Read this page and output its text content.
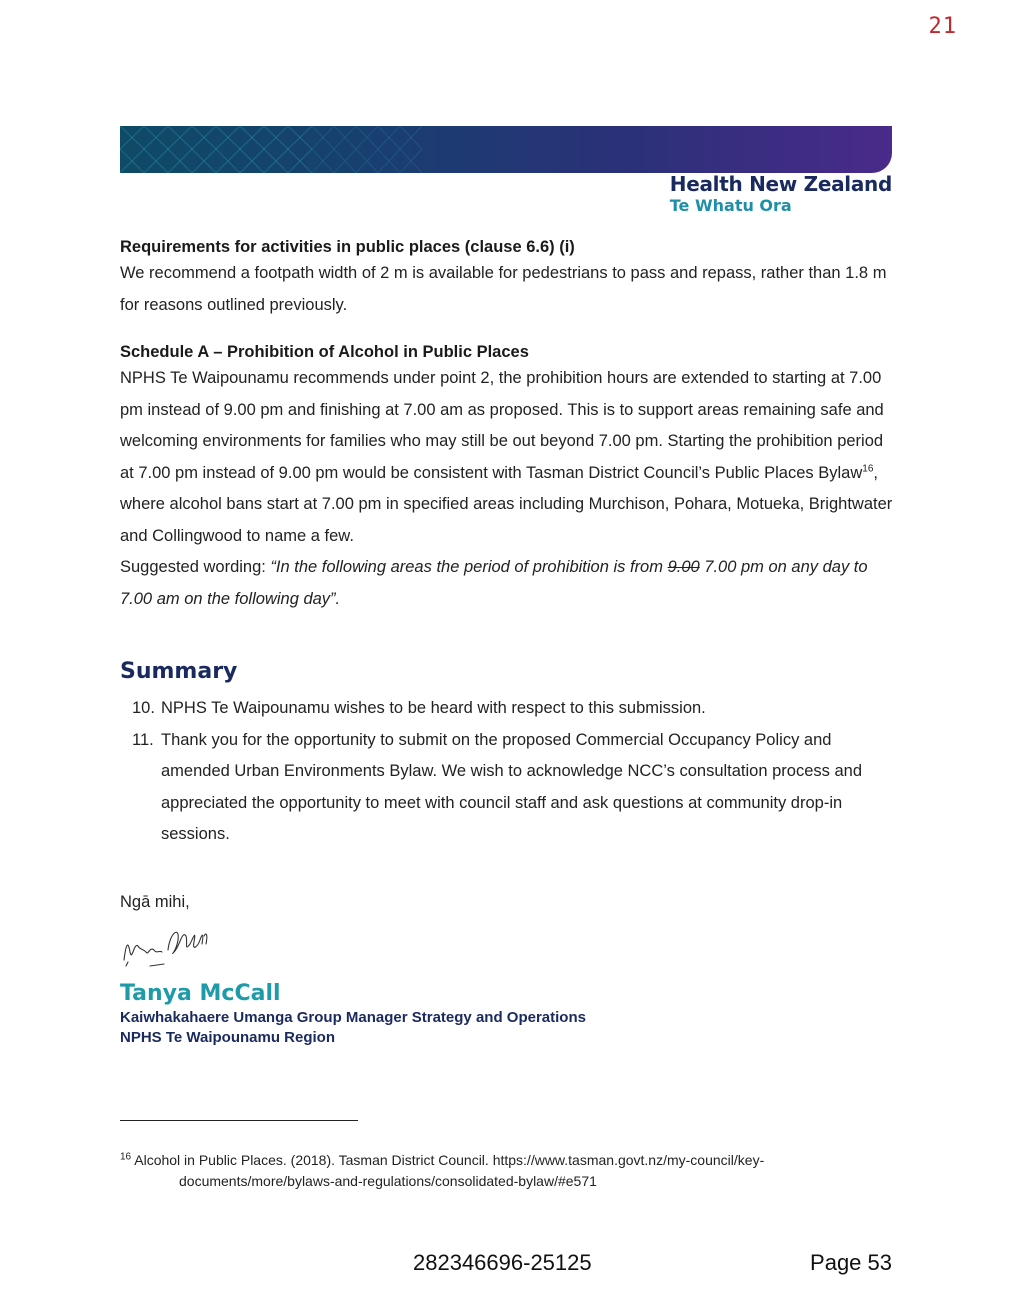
21
Health New Zealand
Te Whatu Ora

Requirements for activities in public places (clause 6.6) (i)

We recommend a footpath width of 2 m is available for pedestrians to pass and repass, rather than 1.8 m for reasons outlined previously.

Schedule A – Prohibition of Alcohol in Public Places

NPHS Te Waipounamu recommends under point 2, the prohibition hours are extended to starting at 7.00 pm instead of 9.00 pm and finishing at 7.00 am as proposed. This is to support areas remaining safe and welcoming environments for families who may still be out beyond 7.00 pm. Starting the prohibition period at 7.00 pm instead of 9.00 pm would be consistent with Tasman District Council’s Public Places Bylaw$^{16}$, where alcohol bans start at 7.00 pm in specified areas including Murchison, Pohara, Motueka, Brightwater and Collingwood to name a few.

Suggested wording: “In the following areas the period of prohibition is from 9.00 7.00 pm on any day to 7.00 am on the following day”.

Summary
10. NPHS Te Waipounamu wishes to be heard with respect to this submission.
11. Thank you for the opportunity to submit on the proposed Commercial Occupancy Policy and amended Urban Environments Bylaw. We wish to acknowledge NCC’s consultation process and appreciated the opportunity to meet with council staff and ask questions at community drop-in sessions.

Ngā mihi,

Tanya McCall
Kaiwhakahaere Umanga Group Manager Strategy and Operations
NPHS Te Waipounamu Region
$^{16}$ Alcohol in Public Places. (2018). Tasman District Council. https://www.tasman.govt.nz/my-council/key-
documents/more/bylaws-and-regulations/consolidated-bylaw/#e571
282346696-25125	Page 53
